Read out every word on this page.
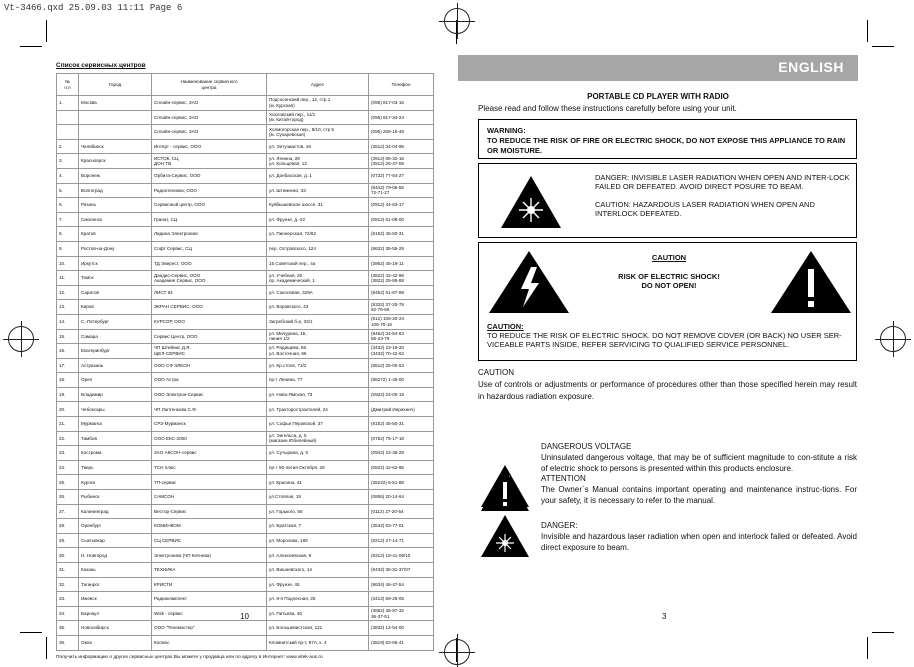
Vt-3466.qxd 25.09.03 11:11 Page 6
Список сервисных центров
№
п.п	Город	Наименование сервисного
центра	Адрес	Телефон
1.	Москва	Сплайн-сервис, ЗАО	Подсосенский пер., 12, стр.1
(м. Курская)	(095) 917-03-16
		Сплайн-сервис, ЗАО	Хохловский пер., 11/1
(м. Китай-город)	(095) 917-34-24
		Сплайн-сервис, ЗАО	Холмогорская пер., 8/10, стр 5
(м. Сухаревская)	(095) 208-16-49
2.	Челябинск	Интерт - сервис, ООО	ул. Энтузиастов, 16	(3512) 34-04-95
3.	Красноярск	ИСТОК, СЦ
ДОН ТВ	ул. Ленина, 28
ул. Кольцевая, 12	(3912) 65-32-16
(3912) 26-47-09
4.	Воронеж	Орбита-Сервис, ООО	ул. Донбасская, д. 1	(0732) 77-64-27
5.	Волгоград	Радиотехника, ООО	ул. Штеменко, 33	(8442) 79-05-56
72-71-27
6.	Рязань	Сервисный центр, ООО	Куйбышевское шоссе, 31	(0912) 44-63-17
7.	Смоленск	Гранат, СЦ	ул. Фрунзе, д.-22	(0812) 61-08-00
8.	Кратов	Лидина Электроникс	ул. Пионерская, 72/62	(8152) 45-50-31
9.	Ростов-на-Дону	Софт Сервис, СЦ	пер. Островского, 124	(8632) 35-55-29
10.	Иркутск	ТД Эверест, ООО	15 Советский пер., 4а	(3952) 45-19-11
11.	Томск	Дандис-Сервис, ООО
Академия Сервис, ООО	ул. Учебная, 26
пр. Академический, 1	(3822) 42-42-96
(3822) 25-85-88
12.	Саратов	ЛИСТ 64	ул. Соколовая, 329А	(8452) 51-67-99
13.	Киров	ЭКРАН СЕРВИС, ООО	ул. Воровского, 43	(8332) 37-20-78
62-76-66
14.	С.-Петербург	КУРСОР, ООО	Загребский б-р, 33/1	(812) 106-20-24
106-70-15
15.	Самара	Сервис Центр, ООО	ул. Мичурина, 15,
линия 1/2	(8462) 34-54-63
56-23-79
16.	Екатеринбург	ЧП Штейнис Д.Я.
ЩЕЛ-СЕРВИС	ул. Радищева, 66
ул. Восточная, 66	(3432) 23-19-20
(3432) 70-42-63
17.	Астрахань	ООО СФ ЭЛЕОН	ул. Кр.столе, 72/2	(8512) 26-00-53
18.	Орел	ООО Астра	пр-т Ленина, 77	(86272) 1-45-00
19.	Владимир	ООО Электрон-Сервис	ул. Ново-Ямская, 73	(0922) 24-00-19
20.	Чебоксары	ЧП Лаптенкова С.Ф.	ул. Тракторостроителей, 24	(Дмитрий Иерихнич)
21.	Мурманск	СРЗ-Мурманск	ул. Софьи Перовской, 37	(8152) 45-50-31
22.	Тамбов	ООО ЕКС-2000	ул. Энгельса, д. 5
(магазин Юбилейный)	(0752) 75-17-18
23.	Кострома	ЗАО АКСОН-сервис	ул. Сутырина, д. 5	(0942) 22-36-28
24.	Тверь	ТСН плюс	пр-т 50-летия Октября, 26	(0822) 42-62-95
25.	Курган	ТП-сервис	ул. Красина, 41	(35222) 5-51-88
26.	Рыбинск	САМСОН	ул.Стоялая, 19	(0855) 20-14-64
27.	Калининград	Вестор-Сервис	ул. Горького, 56	(0112) 27-20-54
28.	Оренбург	КОМИНКОМ	ул. Братская, 7	(3532) 63-77-01
29.	Сыктывкар	СЦ СЕРВИС	ул. Морозова, 169	(8212) 27-14-71
30.	Н. Новгород	Электроника (ЧП Кочнева)	ул. Алексеевская, 9	(8312) 19-41-09/10
31.	Казань	ТЕХНИКА	ул. Вишневского, 14	(8432) 36-31-37/07
32.	Таганрог	КРИСТИ	ул. Фрунзе, 45	(8634) 46-47-54
33.	Ижевск	Радиокомплект	ул. 9-я Подлесная, 25	(3412) 59-26-05
34.	Барнаул	Wisk - сервис	ул. Питьева, 46	(3852) 36-97-32
36-37-51
35.	Новосибирск	ООО "Телемастер"	ул. Большевистская, 121	(3832) 12-54-00
36.	Омск	Космос	Кломнитский пр-т, 97А, к. 4	(3819) 53-66-41
Получить информацию о других сервисных центрах Вы можете у продавца или по адресу в Интернет: www.vitek-aus.ru
10
ENGLISH
PORTABLE CD PLAYER WITH RADIO
Please read and follow these instructions carefully before using your unit.
WARNING:
TO REDUCE THE RISK OF FIRE OR ELECTRIC SHOCK, DO NOT EXPOSE THIS APPLIANCE TO RAIN OR MOISTURE.

DANGER: INVISIBLE LASER RADIATION WHEN OPEN AND INTER-LOCK FAILED OR DEFEATED. AVOID DIRECT POSURE TO BEAM.

CAUTION: HAZARDOUS LASER RADIATION WHEN OPEN AND INTERLOCK DEFEATED.

CAUTION
RISK OF ELECTRIC SHOCK!
DO NOT OPEN!
CAUTION:
TO REDUCE THE RISK OF ELECTRIC SHOCK. DO NOT REMOVE COVER (OR BACK) NO USER SER-VICEABLE PARTS INSIDE, REFER SERVICING TO QUALIFIED SERVICE PERSONNEL.
CAUTION
Use of controls or adjustments or performance of procedures other than those specified herein may result in hazardous radiation exposure.
DANGEROUS VOLTAGE
Uninsulated dangerous voltage, that may be of sufficient magnitude to con-stitute a risk of electric shock to persons is presented within this products enclosure.
ATTENTION
The Owner`s Manual contains important operating and maintenance instruc-tions. For your safety, it is necessary to refer to the manual.
DANGER:
Invisible and hazardous laser radiation when open and interlock failed or defeated. Avoid direct exposure to beam.
3
